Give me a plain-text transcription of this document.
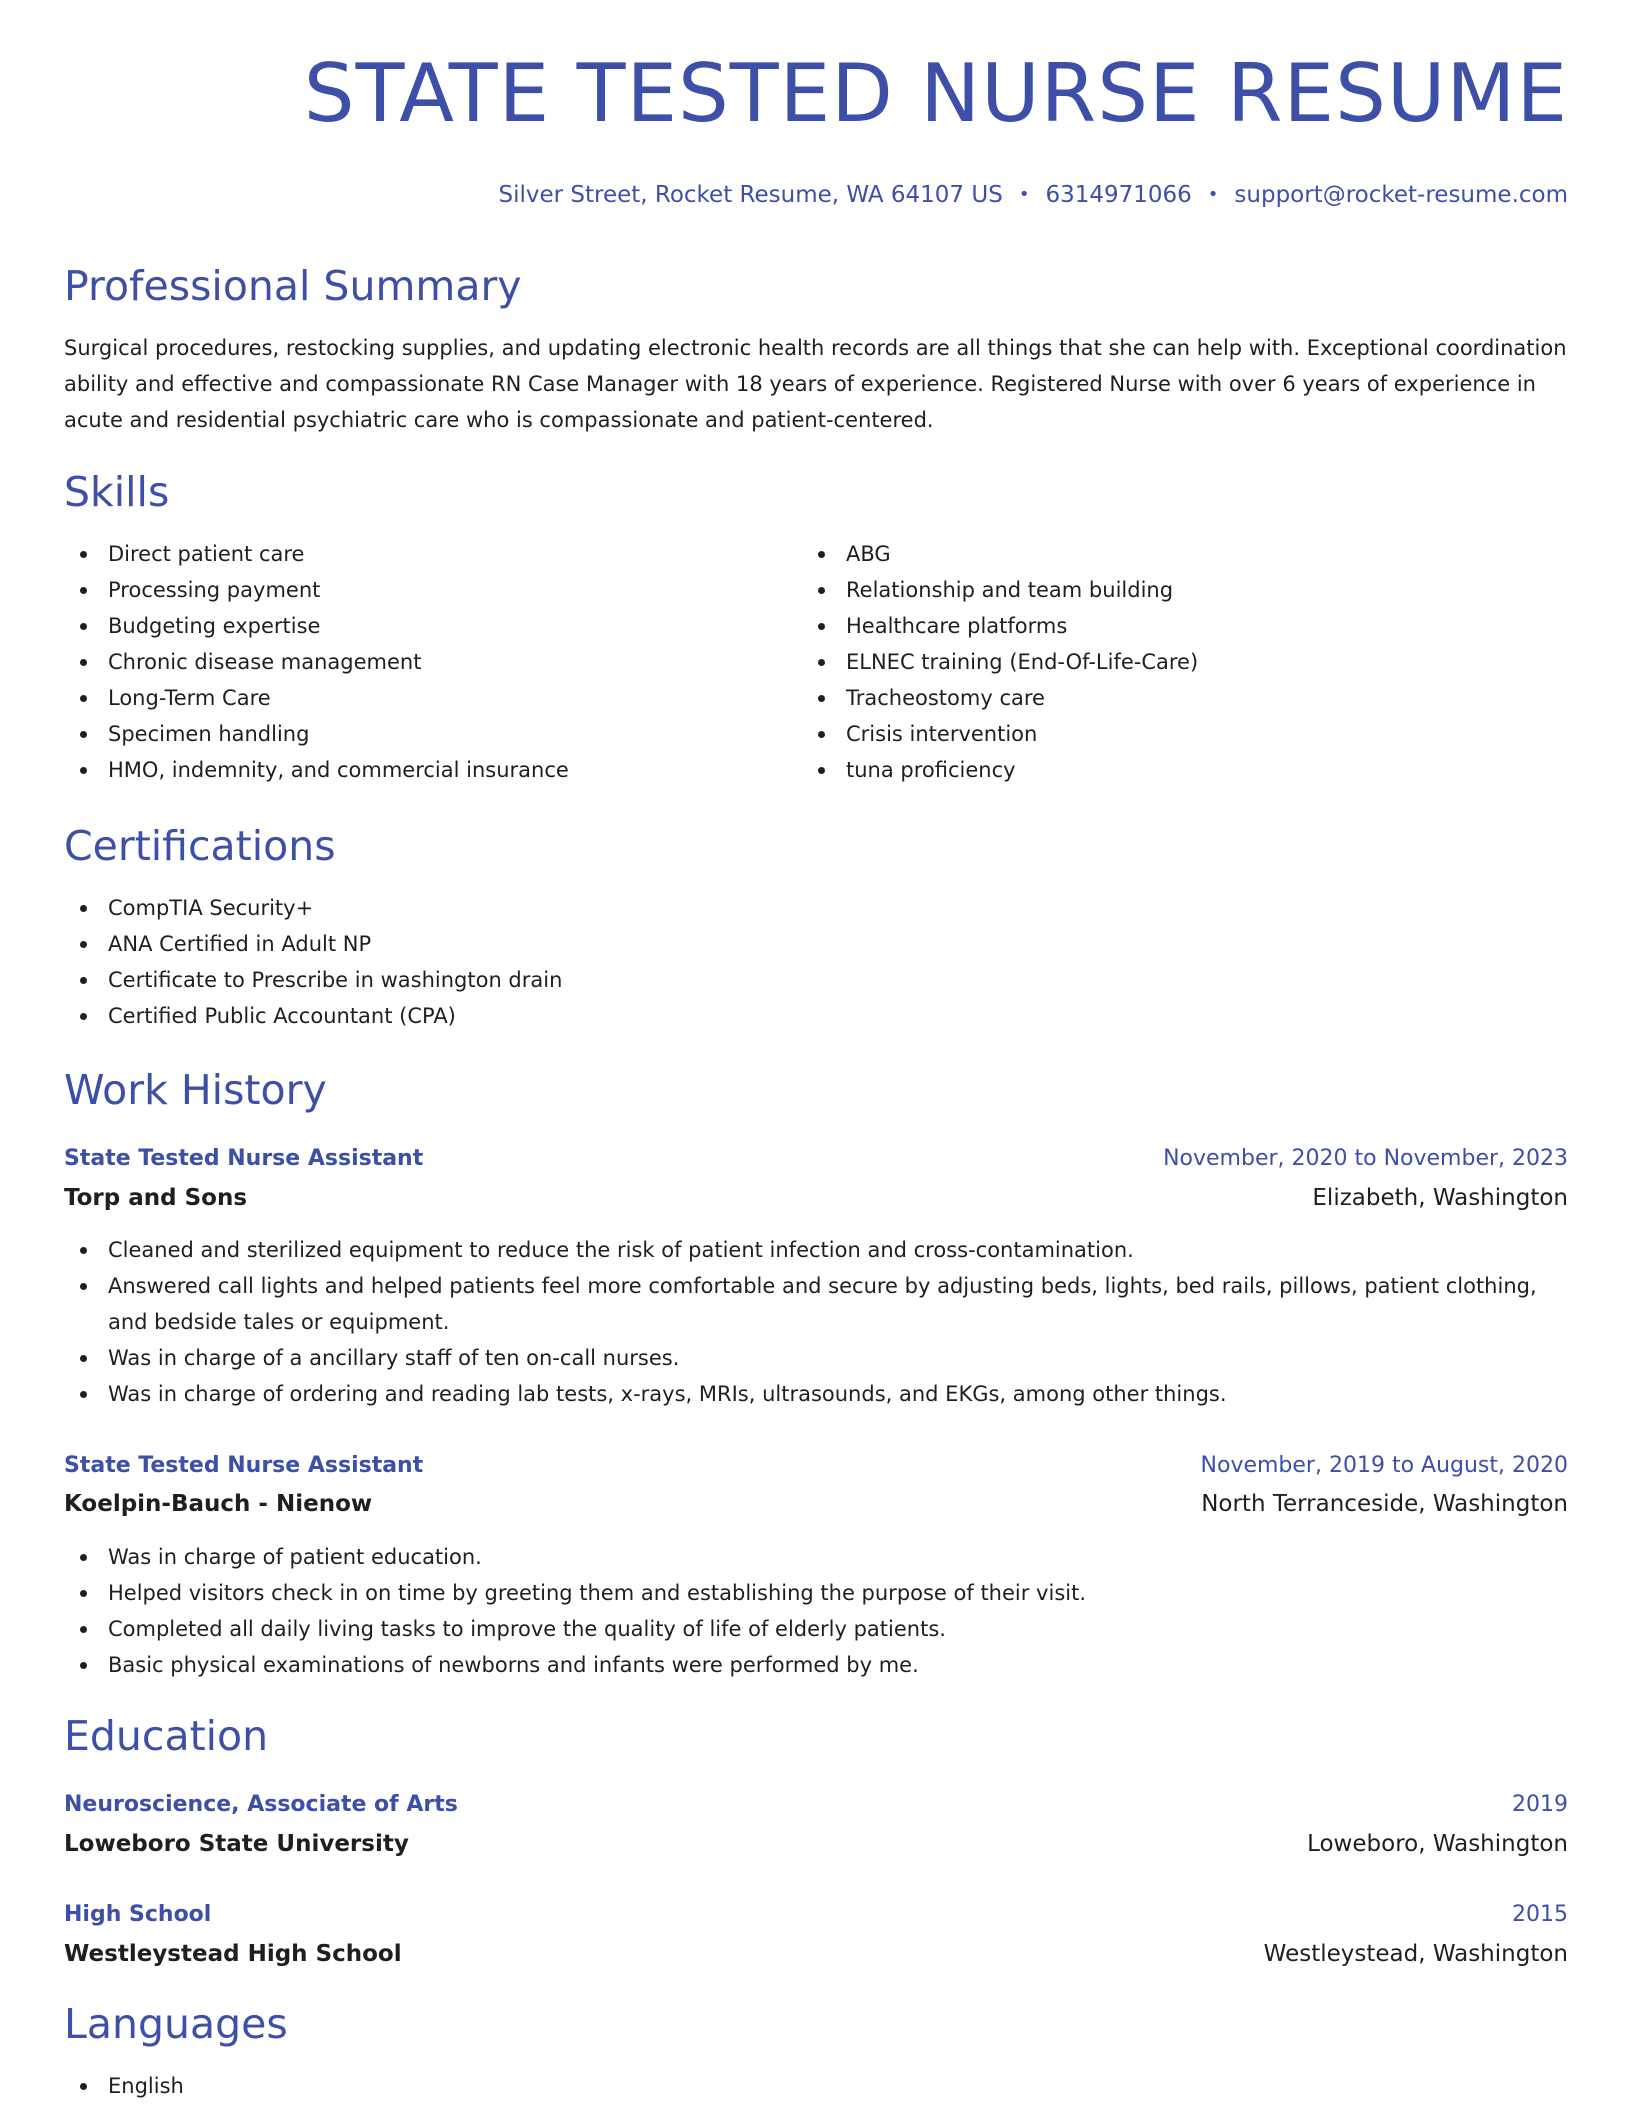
STATE TESTED NURSE RESUME
Silver Street, Rocket Resume, WA 64107 US • 6314971066 • support@rocket-resume.com
Professional Summary

Surgical procedures, restocking supplies, and updating electronic health records are all things that she can help with. Exceptional coordination ability and effective and compassionate RN Case Manager with 18 years of experience. Registered Nurse with over 6 years of experience in acute and residential psychiatric care who is compassionate and patient-centered.

Skills
Direct patient care
Processing payment
Budgeting expertise
Chronic disease management
Long-Term Care
Specimen handling
HMO, indemnity, and commercial insurance
ABG
Relationship and team building
Healthcare platforms
ELNEC training (End-Of-Life-Care)
Tracheostomy care
Crisis intervention
tuna proficiency
Certifications
CompTIA Security+
ANA Certified in Adult NP
Certificate to Prescribe in washington drain
Certified Public Accountant (CPA)
Work History
State Tested Nurse Assistant	November, 2020 to November, 2023
Torp and Sons	Elizabeth, Washington
Cleaned and sterilized equipment to reduce the risk of patient infection and cross-contamination.
Answered call lights and helped patients feel more comfortable and secure by adjusting beds, lights, bed rails, pillows, patient clothing, and bedside tales or equipment.
Was in charge of a ancillary staff of ten on-call nurses.
Was in charge of ordering and reading lab tests, x-rays, MRIs, ultrasounds, and EKGs, among other things.
State Tested Nurse Assistant	November, 2019 to August, 2020
Koelpin-Bauch - Nienow	North Terranceside, Washington
Was in charge of patient education.
Helped visitors check in on time by greeting them and establishing the purpose of their visit.
Completed all daily living tasks to improve the quality of life of elderly patients.
Basic physical examinations of newborns and infants were performed by me.
Education
Neuroscience, Associate of Arts	2019
Loweboro State University	Loweboro, Washington
High School	2015
Westleystead High School	Westleystead, Washington
Languages
English
